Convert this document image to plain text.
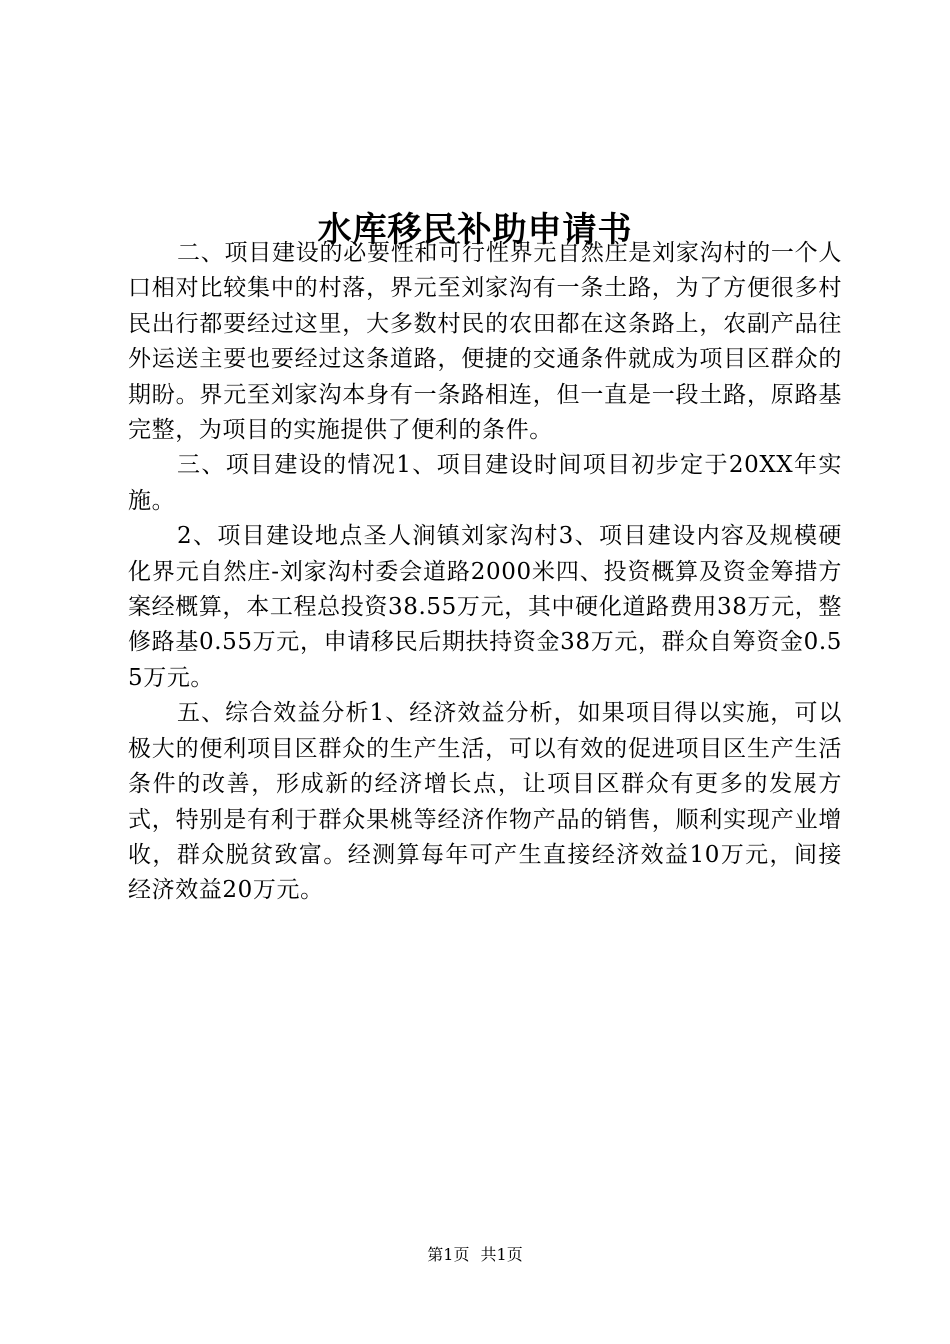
水库移民补助申请书

二、项目建设的必要性和可行性界元自然庄是刘家沟村的一个人口相对比较集中的村落，界元至刘家沟有一条土路，为了方便很多村民出行都要经过这里，大多数村民的农田都在这条路上，农副产品往外运送主要也要经过这条道路，便捷的交通条件就成为项目区群众的期盼。界元至刘家沟本身有一条路相连，但一直是一段土路，原路基完整，为项目的实施提供了便利的条件。

三、项目建设的情况1、项目建设时间项目初步定于20XX年实施。

2、项目建设地点圣人涧镇刘家沟村3、项目建设内容及规模硬化界元自然庄-刘家沟村委会道路2000米四、投资概算及资金筹措方案经概算，本工程总投资38.55万元，其中硬化道路费用38万元，整修路基0.55万元，申请移民后期扶持资金38万元，群众自筹资金0.55万元。

五、综合效益分析1、经济效益分析，如果项目得以实施，可以极大的便利项目区群众的生产生活，可以有效的促进项目区生产生活条件的改善，形成新的经济增长点，让项目区群众有更多的发展方式，特别是有利于群众果桃等经济作物产品的销售，顺利实现产业增收，群众脱贫致富。经测算每年可产生直接经济效益10万元，间接经济效益20万元。

第1页 共1页
